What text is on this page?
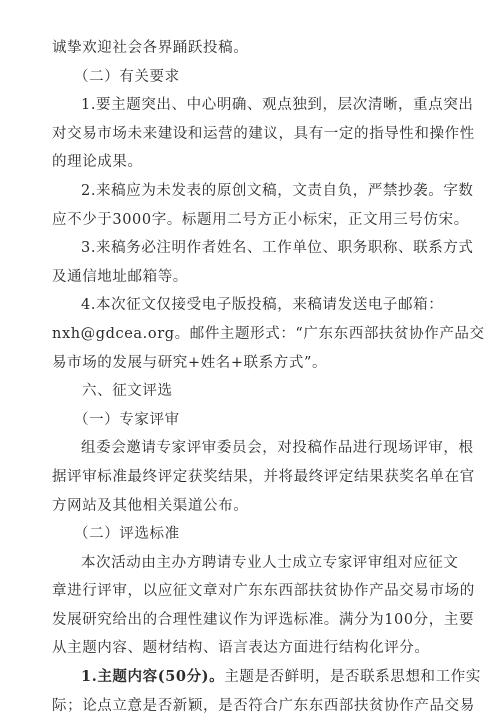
诚挚欢迎社会各界踊跃投稿。
（二）有关要求
1.要主题突出、中心明确、观点独到，层次清晰，重点突出
对交易市场未来建设和运营的建议，具有一定的指导性和操作性
的理论成果。
2.来稿应为未发表的原创文稿，文责自负，严禁抄袭。字数
应不少于3000字。标题用二号方正小标宋，正文用三号仿宋。
3.来稿务必注明作者姓名、工作单位、职务职称、联系方式
及通信地址邮箱等。
4.本次征文仅接受电子版投稿，来稿请发送电子邮箱：
nxh@gdcea.org。邮件主题形式：“广东东西部扶贫协作产品交
易市场的发展与研究+姓名+联系方式”。
六、征文评选
（一）专家评审
组委会邀请专家评审委员会，对投稿作品进行现场评审，根
据评审标准最终评定获奖结果，并将最终评定结果获奖名单在官
方网站及其他相关渠道公布。
（二）评选标准
本次活动由主办方聘请专业人士成立专家评审组对应征文
章进行评审，以应征文章对广东东西部扶贫协作产品交易市场的
发展研究给出的合理性建议作为评选标准。满分为100分，主要
从主题内容、题材结构、语言表达方面进行结构化评分。
1.主题内容(50分)。主题是否鲜明，是否联系思想和工作实
际；论点立意是否新颖，是否符合广东东西部扶贫协作产品交易
